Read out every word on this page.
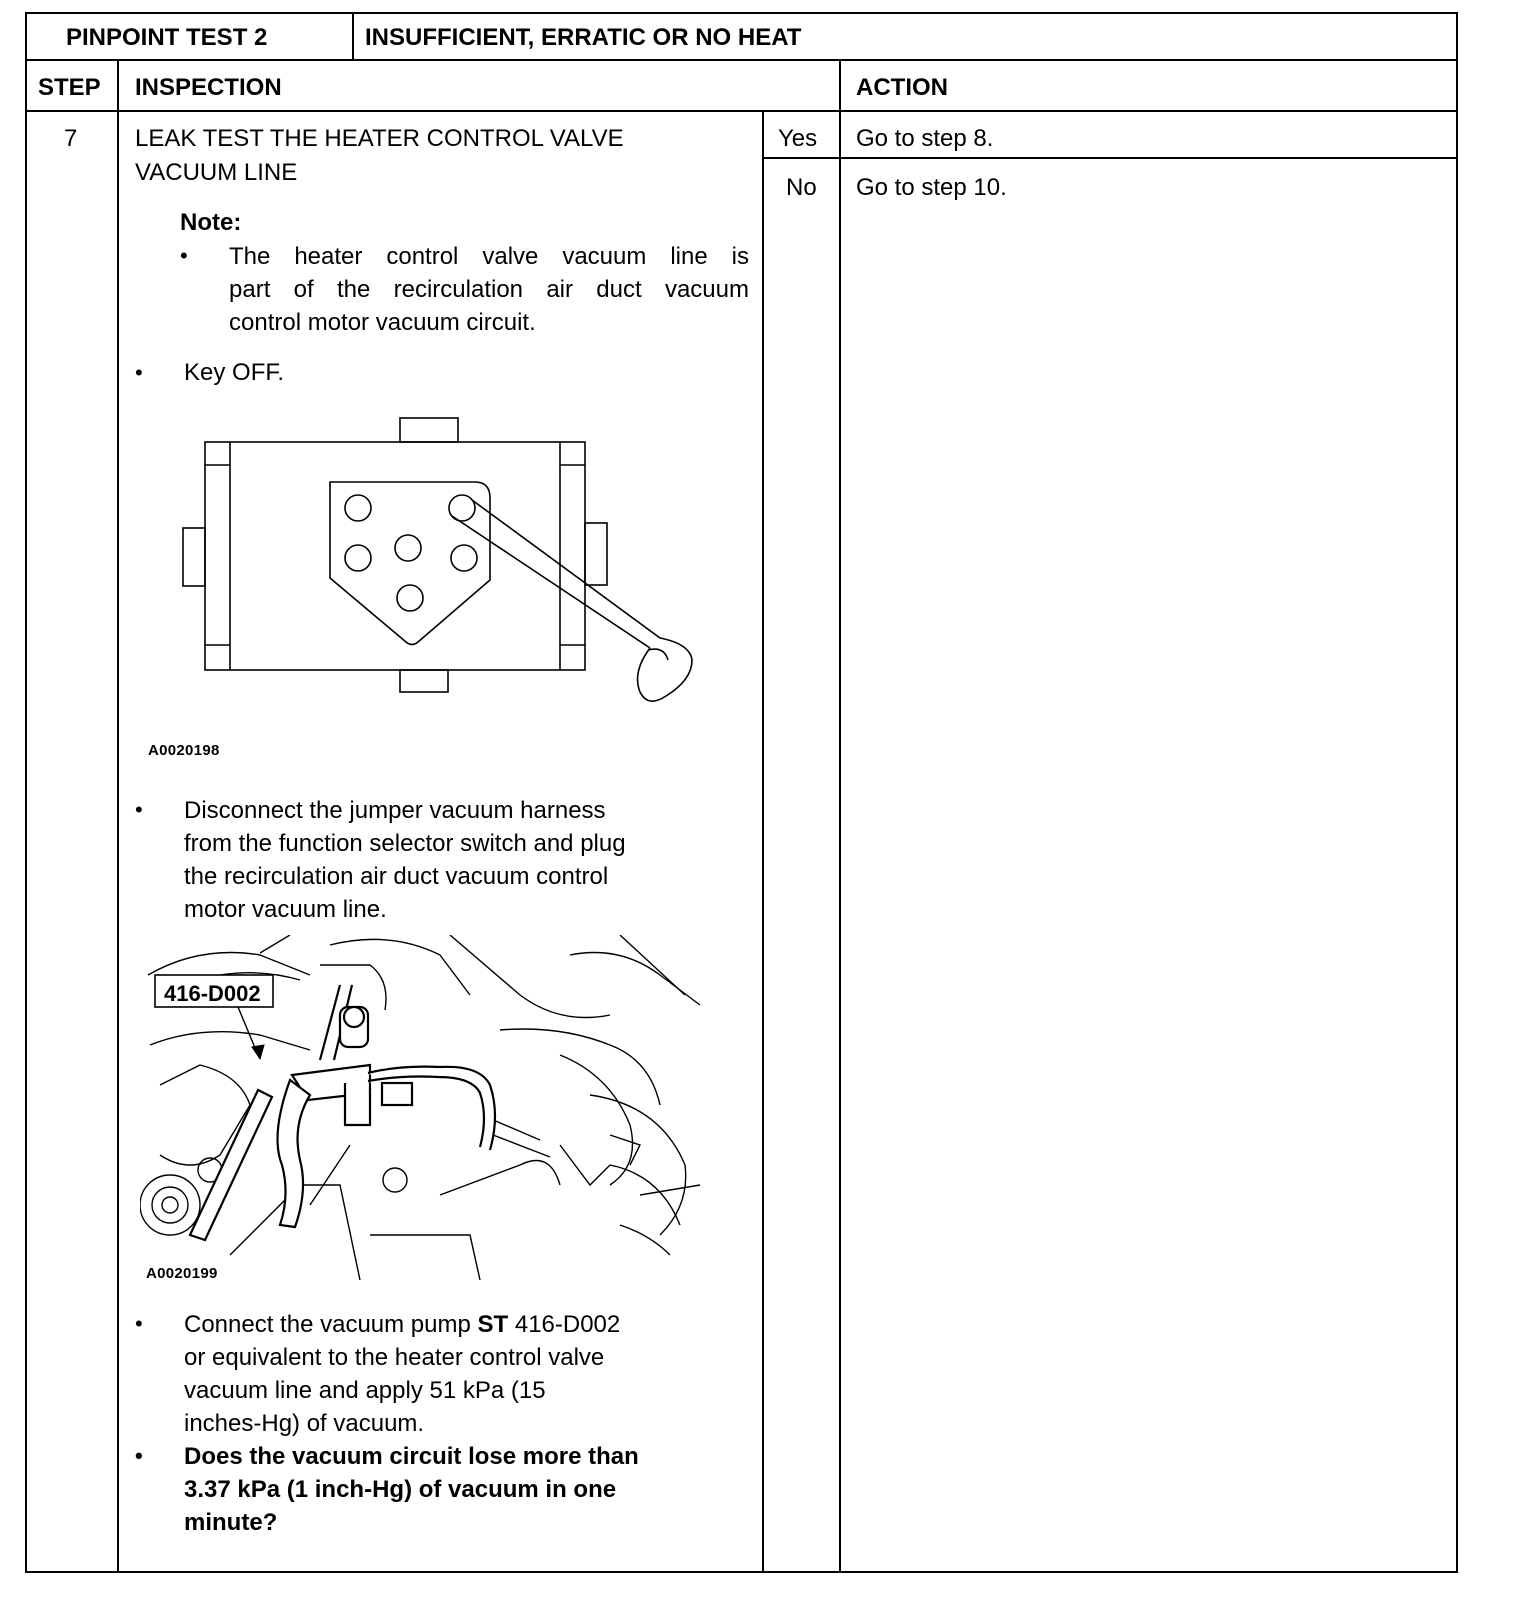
PINPOINT TEST 2	INSUFFICIENT, ERRATIC OR NO HEAT
STEP INSPECTION	ACTION
7 LEAK TEST THE HEATER CONTROL VALVE
VACUUM LINE
Note:
• The heater control valve vacuum line is
part of the recirculation air duct vacuum
control motor vacuum circuit.
• Key OFF.
A0020198
• Disconnect the jumper vacuum harness
from the function selector switch and plug
the recirculation air duct vacuum control
motor vacuum line.
416-D002
A0020199
• Connect the vacuum pump ST 416-D002
or equivalent to the heater control valve
vacuum line and apply 51 kPa (15
inches-Hg) of vacuum.
• Does the vacuum circuit lose more than
3.37 kPa (1 inch-Hg) of vacuum in one
minute?
Yes Go to step 8.
No Go to step 10.
